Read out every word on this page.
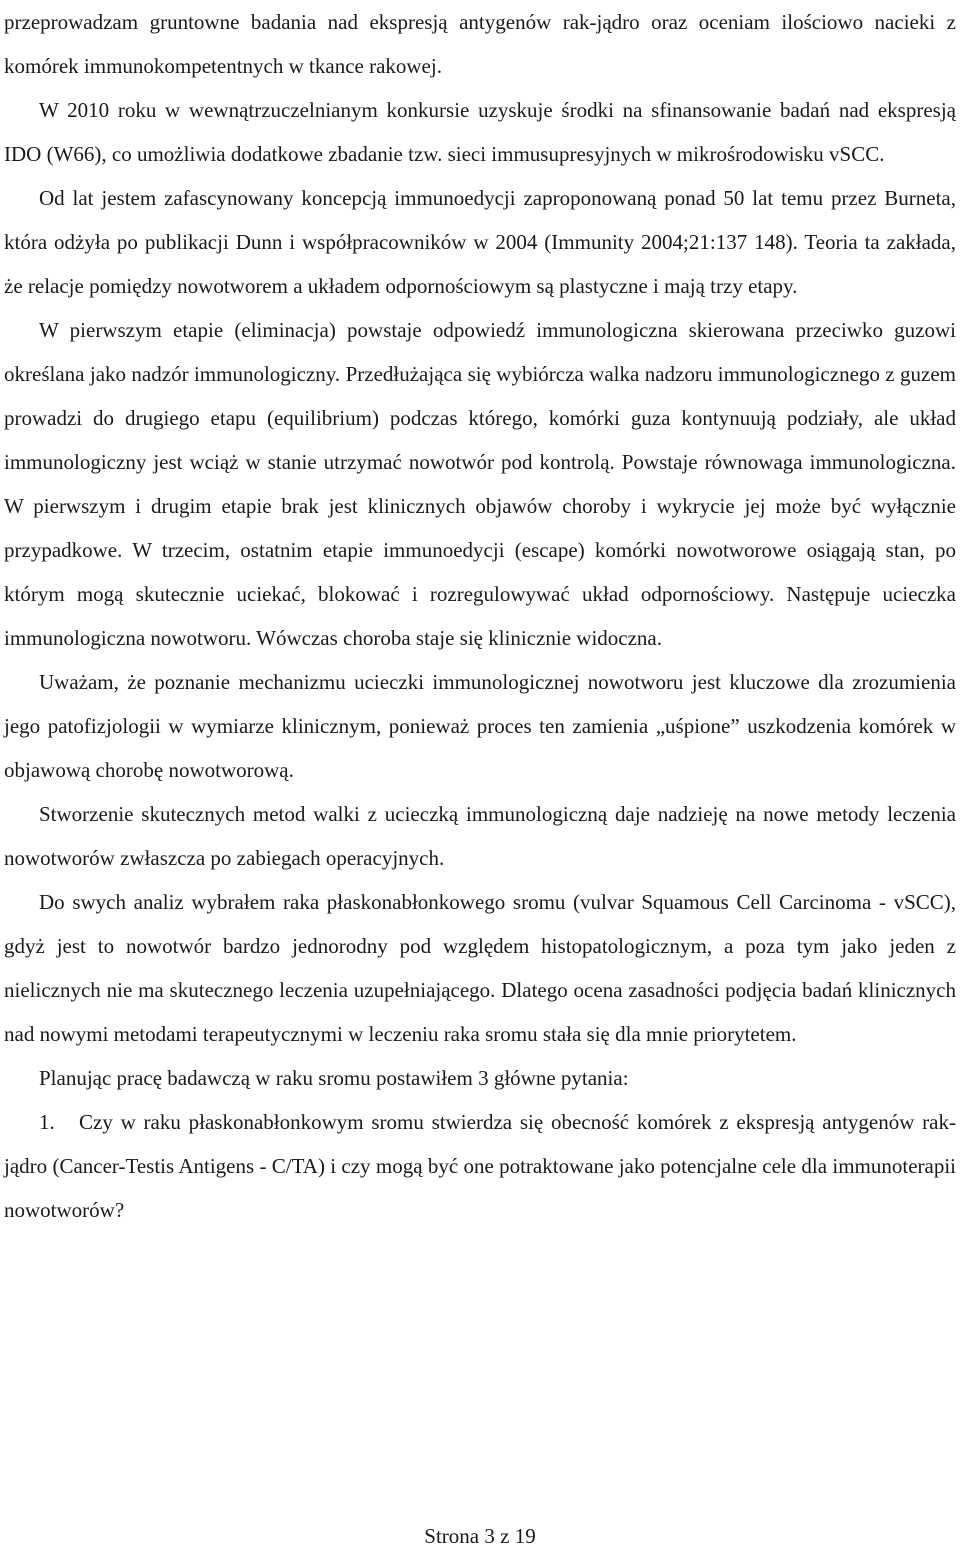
przeprowadzam gruntowne badania nad ekspresją antygenów rak-jądro oraz oceniam ilościowo nacieki z komórek immunokompetentnych w tkance rakowej.

W 2010 roku w wewnątrzuczelnianym konkursie uzyskuje środki na sfinansowanie badań nad ekspresją IDO (W66), co umożliwia dodatkowe zbadanie tzw. sieci immusupresyjnych w mikrośrodowisku vSCC.

Od lat jestem zafascynowany koncepcją immunoedycji zaproponowaną ponad 50 lat temu przez Burneta, która odżyła po publikacji Dunn i współpracowników w 2004 (Immunity 2004;21:137 148). Teoria ta zakłada, że relacje pomiędzy nowotworem a układem odpornościowym są plastyczne i mają trzy etapy.

W pierwszym etapie (eliminacja) powstaje odpowiedź immunologiczna skierowana przeciwko guzowi określana jako nadzór immunologiczny. Przedłużająca się wybiórcza walka nadzoru immunologicznego z guzem prowadzi do drugiego etapu (equilibrium) podczas którego, komórki guza kontynuują podziały, ale układ immunologiczny jest wciąż w stanie utrzymać nowotwór pod kontrolą. Powstaje równowaga immunologiczna. W pierwszym i drugim etapie brak jest klinicznych objawów choroby i wykrycie jej może być wyłącznie przypadkowe. W trzecim, ostatnim etapie immunoedycji (escape) komórki nowotworowe osiągają stan, po którym mogą skutecznie uciekać, blokować i rozregulowywać układ odpornościowy. Następuje ucieczka immunologiczna nowotworu. Wówczas choroba staje się klinicznie widoczna.

Uważam, że poznanie mechanizmu ucieczki immunologicznej nowotworu jest kluczowe dla zrozumienia jego patofizjologii w wymiarze klinicznym, ponieważ proces ten zamienia „uśpione” uszkodzenia komórek w objawową chorobę nowotworową.

Stworzenie skutecznych metod walki z ucieczką immunologiczną daje nadzieję na nowe metody leczenia nowotworów zwłaszcza po zabiegach operacyjnych.

Do swych analiz wybrałem raka płaskonabłonkowego sromu (vulvar Squamous Cell Carcinoma - vSCC), gdyż jest to nowotwór bardzo jednorodny pod względem histopatologicznym, a poza tym jako jeden z nielicznych nie ma skutecznego leczenia uzupełniającego. Dlatego ocena zasadności podjęcia badań klinicznych nad nowymi metodami terapeutycznymi w leczeniu raka sromu stała się dla mnie priorytetem.

Planując pracę badawczą w raku sromu postawiłem 3 główne pytania:

1. Czy w raku płaskonabłonkowym sromu stwierdza się obecność komórek z ekspresją antygenów rak-jądro (Cancer-Testis Antigens - C/TA) i czy mogą być one potraktowane jako potencjalne cele dla immunoterapii nowotworów?

Strona 3 z 19
